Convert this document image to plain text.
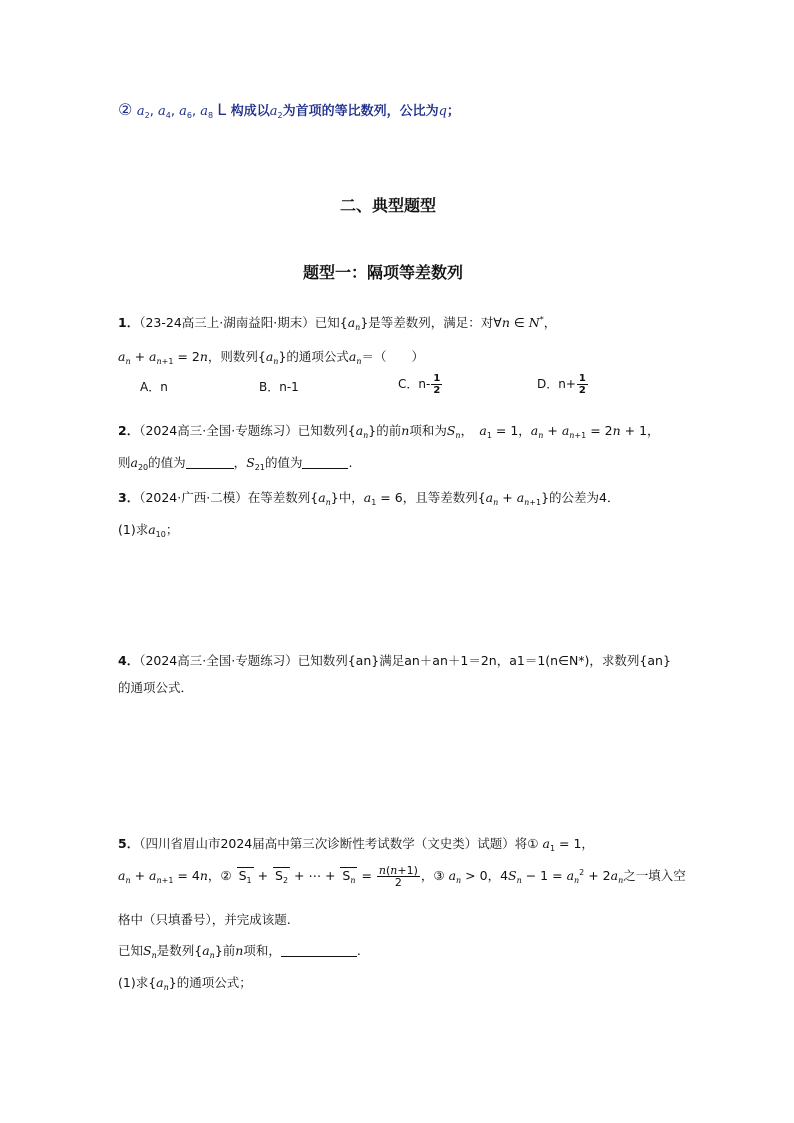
② $a_2$, $a_4$, $a_6$, $a_8$ L 构成以$a_2$为首项的等比数列，公比为q；
二、典型题型
题型一：隔项等差数列
1．（23-24高三上·湖南益阳·期末）已知$\{a_n\}$是等差数列，满足：对∀n ∈ N*，
$a_n + a_{n+1} = 2n$，则数列$\{a_n\}$的通项公式$a_n=$（　　）
A．n	B．n-1	C．$n- \frac{1}{2}$	D．$n+ \frac{1}{2}$
2．（2024高三·全国·专题练习）已知数列$\{a_n\}$的前n项和为$S_n$，　 $a_1 = 1$，$a_n + a_{n+1} = 2n + 1$，
则$a_{20}$的值为	，$S_{21}$的值为	.
3．（2024·广西·二模）在等差数列$\{a_n\}$中，$a_1 = 6$，且等差数列$\{a_n + a_{n+1}\}$的公差为4．
(1)求$a_{10}$；
4．（2024高三·全国·专题练习）已知数列{an}满足an＋an＋1＝2n，a1＝1(n∈N*)，求数列{an}
的通项公式．
5．（四川省眉山市2024届高中第三次诊断性考试数学（文史类）试题）将① $a_1 = 1$，
$a_n + a_{n+1} = 4n$，② $S_1 + S_2$ + ⋯ + $S_n = \frac{n(n+1)}{2}$ ，③ $a_n > 0$，$4S_n - 1 = a_n^2 + 2a_n$之一填入空
格中（只填番号），并完成该题.
已知$S_n$是数列$\{a_n\}$前n项和，	.
(1)求$\{a_n\}$的通项公式；
